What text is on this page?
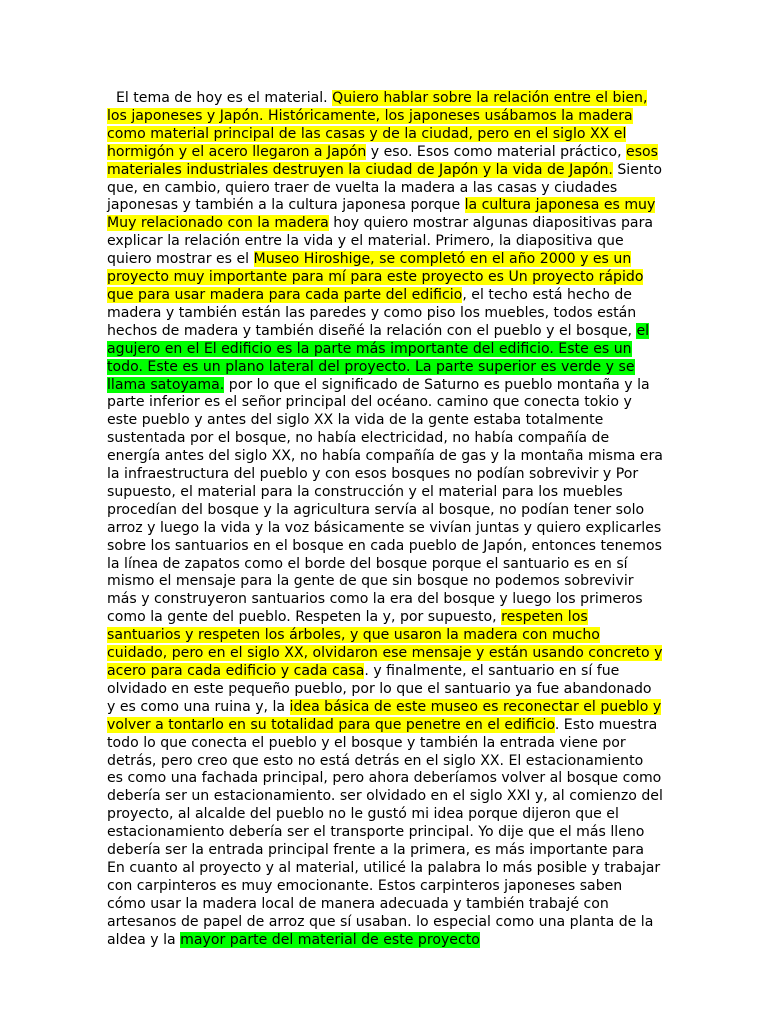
El tema de hoy es el material. Quiero hablar sobre la relación entre el bien, los japoneses y Japón. Históricamente, los japoneses usábamos la madera como material principal de las casas y de la ciudad, pero en el siglo XX el hormigón y el acero llegaron a Japón y eso. Esos como material práctico, esos materiales industriales destruyen la ciudad de Japón y la vida de Japón. Siento que, en cambio, quiero traer de vuelta la madera a las casas y ciudades japonesas y también a la cultura japonesa porque la cultura japonesa es muy Muy relacionado con la madera hoy quiero mostrar algunas diapositivas para explicar la relación entre la vida y el material. Primero, la diapositiva que quiero mostrar es el Museo Hiroshige, se completó en el año 2000 y es un proyecto muy importante para mí para este proyecto es Un proyecto rápido que para usar madera para cada parte del edificio, el techo está hecho de madera y también están las paredes y como piso los muebles, todos están hechos de madera y también diseñé la relación con el pueblo y el bosque, el agujero en el El edificio es la parte más importante del edificio. Este es un todo. Este es un plano lateral del proyecto. La parte superior es verde y se llama satoyama. por lo que el significado de Saturno es pueblo montaña y la parte inferior es el señor principal del océano. camino que conecta tokio y este pueblo y antes del siglo XX la vida de la gente estaba totalmente sustentada por el bosque, no había electricidad, no había compañía de energía antes del siglo XX, no había compañía de gas y la montaña misma era la infraestructura del pueblo y con esos bosques no podían sobrevivir y Por supuesto, el material para la construcción y el material para los muebles procedían del bosque y la agricultura servía al bosque, no podían tener solo arroz y luego la vida y la voz básicamente se vivían juntas y quiero explicarles sobre los santuarios en el bosque en cada pueblo de Japón, entonces tenemos la línea de zapatos como el borde del bosque porque el santuario es en sí mismo el mensaje para la gente de que sin bosque no podemos sobrevivir más y construyeron santuarios como la era del bosque y luego los primeros como la gente del pueblo. Respeten la y, por supuesto, respeten los santuarios y respeten los árboles, y que usaron la madera con mucho cuidado, pero en el siglo XX, olvidaron ese mensaje y están usando concreto y acero para cada edificio y cada casa. y finalmente, el santuario en sí fue olvidado en este pequeño pueblo, por lo que el santuario ya fue abandonado y es como una ruina y, la idea básica de este museo es reconectar el pueblo y volver a tontarlo en su totalidad para que penetre en el edificio. Esto muestra todo lo que conecta el pueblo y el bosque y también la entrada viene por detrás, pero creo que esto no está detrás en el siglo XX. El estacionamiento es como una fachada principal, pero ahora deberíamos volver al bosque como debería ser un estacionamiento. ser olvidado en el siglo XXI y, al comienzo del proyecto, al alcalde del pueblo no le gustó mi idea porque dijeron que el estacionamiento debería ser el transporte principal. Yo dije que el más lleno debería ser la entrada principal frente a la primera, es más importante para En cuanto al proyecto y al material, utilicé la palabra lo más posible y trabajar con carpinteros es muy emocionante. Estos carpinteros japoneses saben cómo usar la madera local de manera adecuada y también trabajé con artesanos de papel de arroz que sí usaban. lo especial como una planta de la aldea y la mayor parte del material de este proyecto
